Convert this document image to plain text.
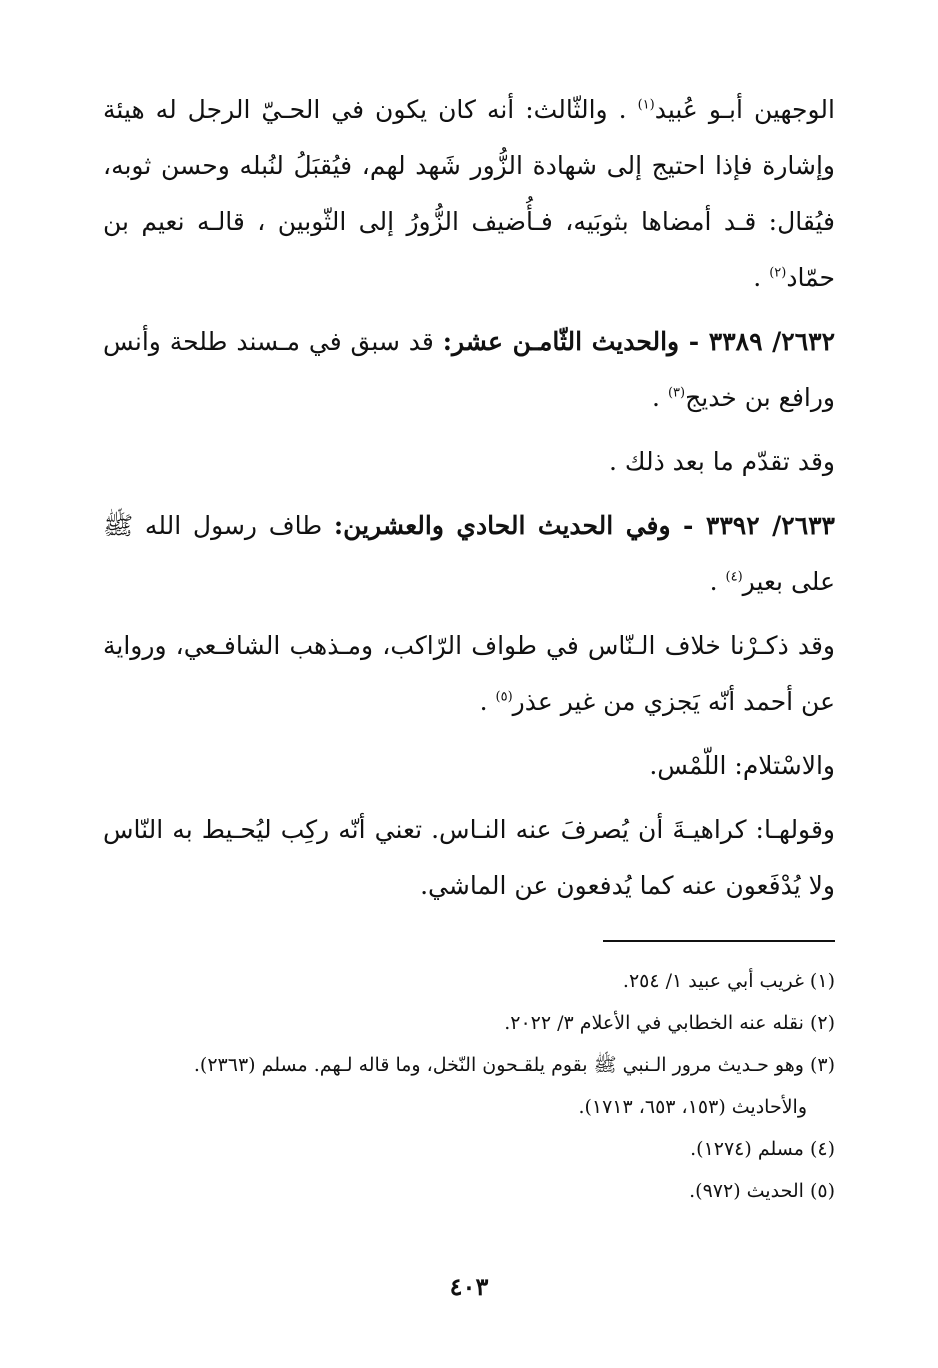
الوجهين أبـو عُبيد$^{(١)}$ . والثّالث: أنه كان يكون في الحـيّ الرجل له هيئة وإشارة فإذا احتيج إلى شهادة الزُّور شَهد لهم، فيُقبَلُ لنُبله وحسن ثوبه، فيُقال: قـد أمضاها بثوبَيه، فـأُضيف الزُّورُ إلى الثّوبين ، قالـه نعيم بن حمّاد$^{(٢)}$ .

٢٦٣٢/ ٣٣٨٩ - والحديث الثّامـن عشر: قد سبق في مـسند طلحة وأنس ورافع بن خديج$^{(٣)}$ .

وقد تقدّم ما بعد ذلك .

٢٦٣٣/ ٣٣٩٢ - وفي الحديث الحادي والعشرين: طاف رسول الله ﷺ على بعير$^{(٤)}$ .

وقد ذكـرْنا خلاف الـنّاس في طواف الرّاكب، ومـذهب الشافـعي، ورواية عن أحمد أنّه يَجزي من غير عذر$^{(٥)}$ .

والاسْتلام: اللّمْس.

وقولهـا: كراهيـةَ أن يُصرفَ عنه النـاس. تعني أنّه ركِب ليُحـيط به النّاس ولا يُدْفَعون عنه كما يُدفعون عن الماشي.

(١) غريب أبي عبيد ١/ ٢٥٤.

(٢) نقله عنه الخطابي في الأعلام ٣/ ٢٠٢٢.

(٣) وهو حـديث مرور الـنبي ﷺ بقوم يلقـحون النّخل، وما قاله لـهم. مسلم (٢٣٦٣).

والأحاديث (١٥٣، ٦٥٣، ١٧١٣).

(٤) مسلم (١٢٧٤).

(٥) الحديث (٩٧٢).

٤٠٣
